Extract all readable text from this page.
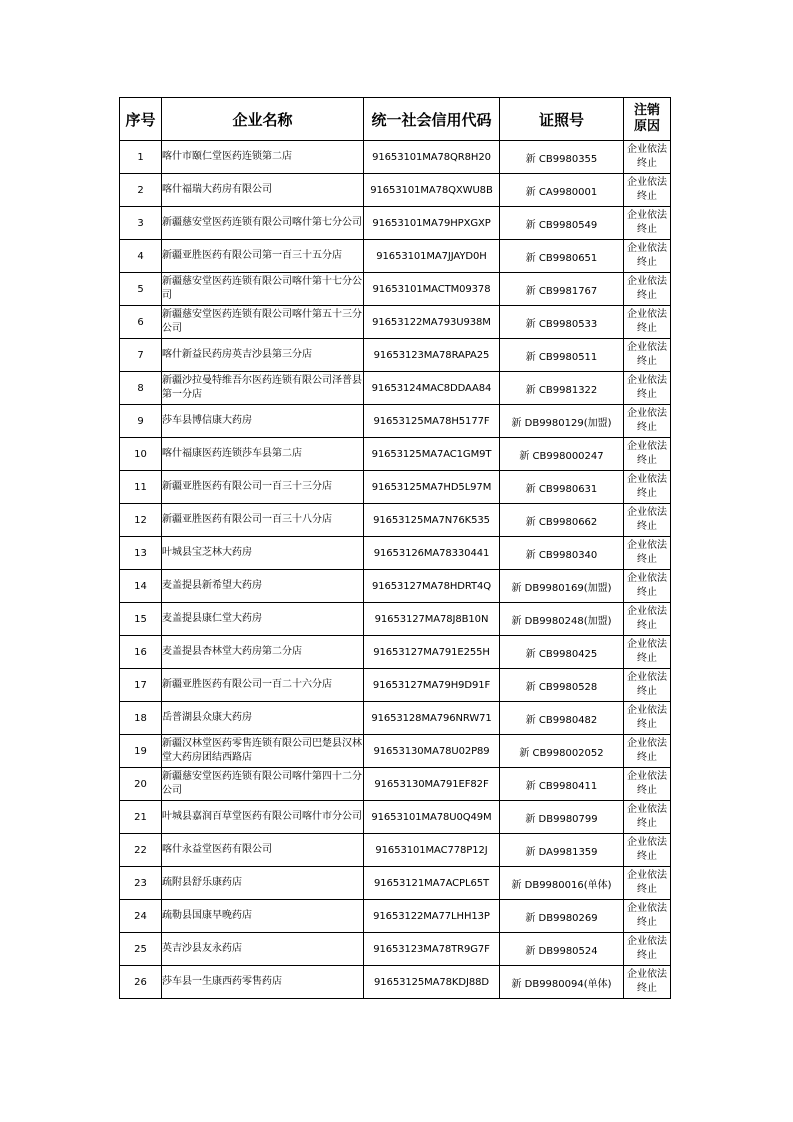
序号	企业名称	统一社会信用代码	证照号	注销原因
1	喀什市颐仁堂医药连锁第二店	91653101MA78QR8H20	新 CB9980355	企业依法终止
2	喀什福瑞大药房有限公司	91653101MA78QXWU8B	新 CA9980001	企业依法终止
3	新疆慈安堂医药连锁有限公司喀什第七分公司	91653101MA79HPXGXP	新 CB9980549	企业依法终止
4	新疆亚胜医药有限公司第一百三十五分店	91653101MA7JJAYD0H	新 CB9980651	企业依法终止
5	新疆慈安堂医药连锁有限公司喀什第十七分公司	91653101MACTM09378	新 CB9981767	企业依法终止
6	新疆慈安堂医药连锁有限公司喀什第五十三分公司	91653122MA793U938M	新 CB9980533	企业依法终止
7	喀什新益民药房英吉沙县第三分店	91653123MA78RAPA25	新 CB9980511	企业依法终止
8	新疆沙拉曼特维吾尔医药连锁有限公司泽普县第一分店	91653124MAC8DDAA84	新 CB9981322	企业依法终止
9	莎车县博信康大药房	91653125MA78H5177F	新 DB9980129(加盟)	企业依法终止
10	喀什福康医药连锁莎车县第二店	91653125MA7AC1GM9T	新 CB998000247	企业依法终止
11	新疆亚胜医药有限公司一百三十三分店	91653125MA7HD5L97M	新 CB9980631	企业依法终止
12	新疆亚胜医药有限公司一百三十八分店	91653125MA7N76K535	新 CB9980662	企业依法终止
13	叶城县宝芝林大药房	91653126MA78330441	新 CB9980340	企业依法终止
14	麦盖提县新希望大药房	91653127MA78HDRT4Q	新 DB9980169(加盟)	企业依法终止
15	麦盖提县康仁堂大药房	91653127MA78J8B10N	新 DB9980248(加盟)	企业依法终止
16	麦盖提县杏林堂大药房第二分店	91653127MA791E255H	新 CB9980425	企业依法终止
17	新疆亚胜医药有限公司一百二十六分店	91653127MA79H9D91F	新 CB9980528	企业依法终止
18	岳普湖县众康大药房	91653128MA796NRW71	新 CB9980482	企业依法终止
19	新疆汉林堂医药零售连锁有限公司巴楚县汉林堂大药房团结西路店	91653130MA78U02P89	新 CB998002052	企业依法终止
20	新疆慈安堂医药连锁有限公司喀什第四十二分公司	91653130MA791EF82F	新 CB9980411	企业依法终止
21	叶城县嘉润百草堂医药有限公司喀什市分公司	91653101MA78U0Q49M	新 DB9980799	企业依法终止
22	喀什永益堂医药有限公司	91653101MAC778P12J	新 DA9981359	企业依法终止
23	疏附县舒乐康药店	91653121MA7ACPL65T	新 DB9980016(单体)	企业依法终止
24	疏勒县国康早晚药店	91653122MA77LHH13P	新 DB9980269	企业依法终止
25	英吉沙县友永药店	91653123MA78TR9G7F	新 DB9980524	企业依法终止
26	莎车县一生康西药零售药店	91653125MA78KDJ88D	新 DB9980094(单体)	企业依法终止
